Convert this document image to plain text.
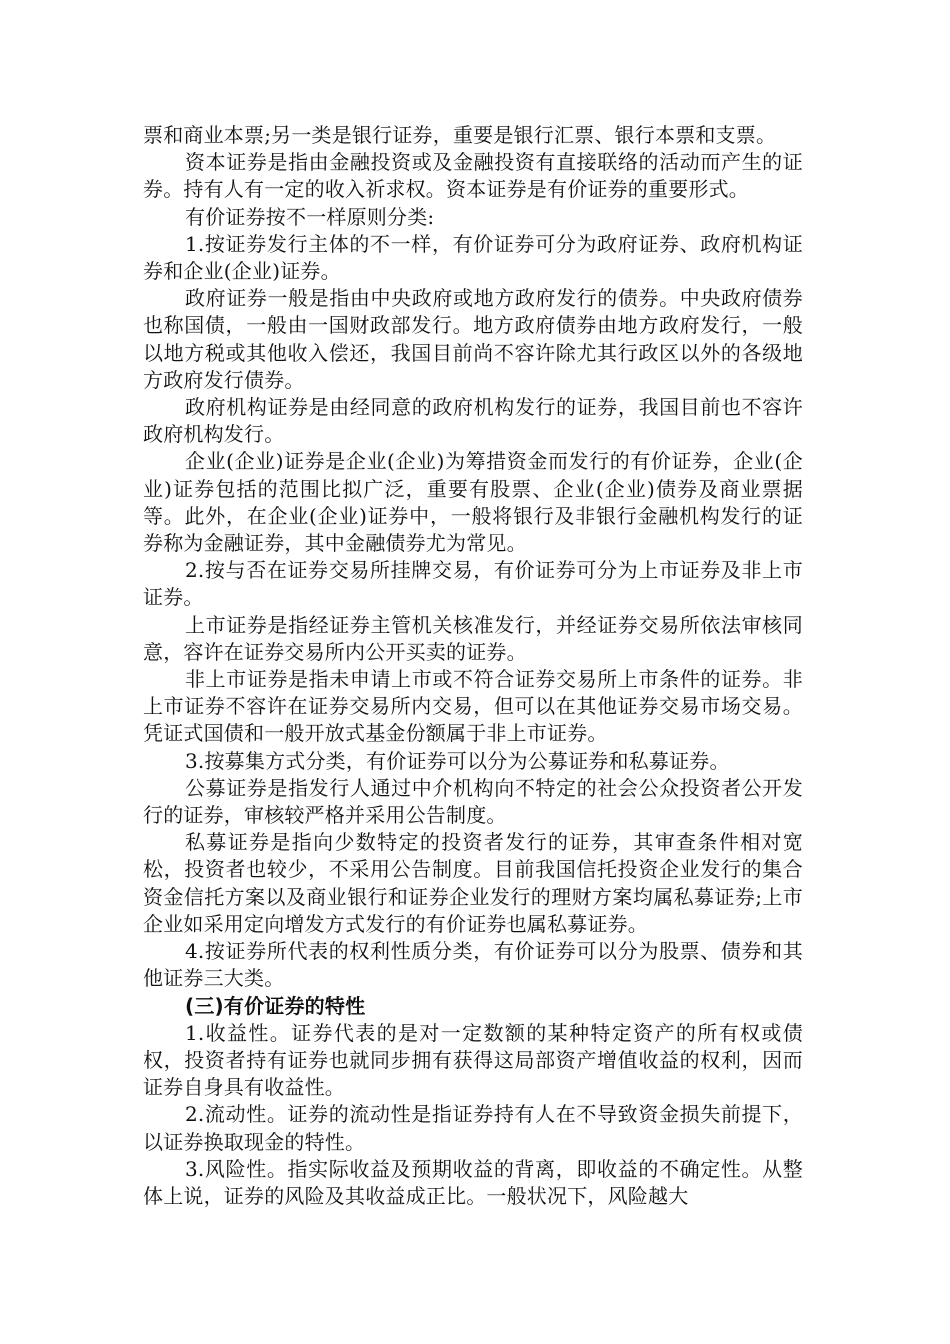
票和商业本票;另一类是银行证券，重要是银行汇票、银行本票和支票。

资本证券是指由金融投资或及金融投资有直接联络的活动而产生的证券。持有人有一定的收入祈求权。资本证券是有价证券的重要形式。

有价证券按不一样原则分类:

1.按证券发行主体的不一样，有价证券可分为政府证券、政府机构证券和企业(企业)证券。

政府证券一般是指由中央政府或地方政府发行的债券。中央政府债券也称国债，一般由一国财政部发行。地方政府债券由地方政府发行，一般以地方税或其他收入偿还，我国目前尚不容许除尤其行政区以外的各级地方政府发行债券。

政府机构证券是由经同意的政府机构发行的证券，我国目前也不容许政府机构发行。

企业(企业)证券是企业(企业)为筹措资金而发行的有价证券，企业(企业)证券包括的范围比拟广泛，重要有股票、企业(企业)债券及商业票据等。此外，在企业(企业)证券中，一般将银行及非银行金融机构发行的证券称为金融证券，其中金融债券尤为常见。

2.按与否在证券交易所挂牌交易，有价证券可分为上市证券及非上市证券。

上市证券是指经证券主管机关核准发行，并经证券交易所依法审核同意，容许在证券交易所内公开买卖的证券。

非上市证券是指未申请上市或不符合证券交易所上市条件的证券。非上市证券不容许在证券交易所内交易，但可以在其他证券交易市场交易。凭证式国债和一般开放式基金份额属于非上市证券。

3.按募集方式分类，有价证券可以分为公募证券和私募证券。

公募证券是指发行人通过中介机构向不特定的社会公众投资者公开发行的证券，审核较严格并采用公告制度。

私募证券是指向少数特定的投资者发行的证券，其审查条件相对宽松，投资者也较少，不采用公告制度。目前我国信托投资企业发行的集合资金信托方案以及商业银行和证券企业发行的理财方案均属私募证券;上市企业如采用定向增发方式发行的有价证券也属私募证券。

4.按证券所代表的权利性质分类，有价证券可以分为股票、债券和其他证券三大类。

(三)有价证券的特性

1.收益性。证券代表的是对一定数额的某种特定资产的所有权或债权，投资者持有证券也就同步拥有获得这局部资产增值收益的权利，因而证券自身具有收益性。

2.流动性。证券的流动性是指证券持有人在不导致资金损失前提下，以证券换取现金的特性。

3.风险性。指实际收益及预期收益的背离，即收益的不确定性。从整体上说，证券的风险及其收益成正比。一般状况下，风险越大
